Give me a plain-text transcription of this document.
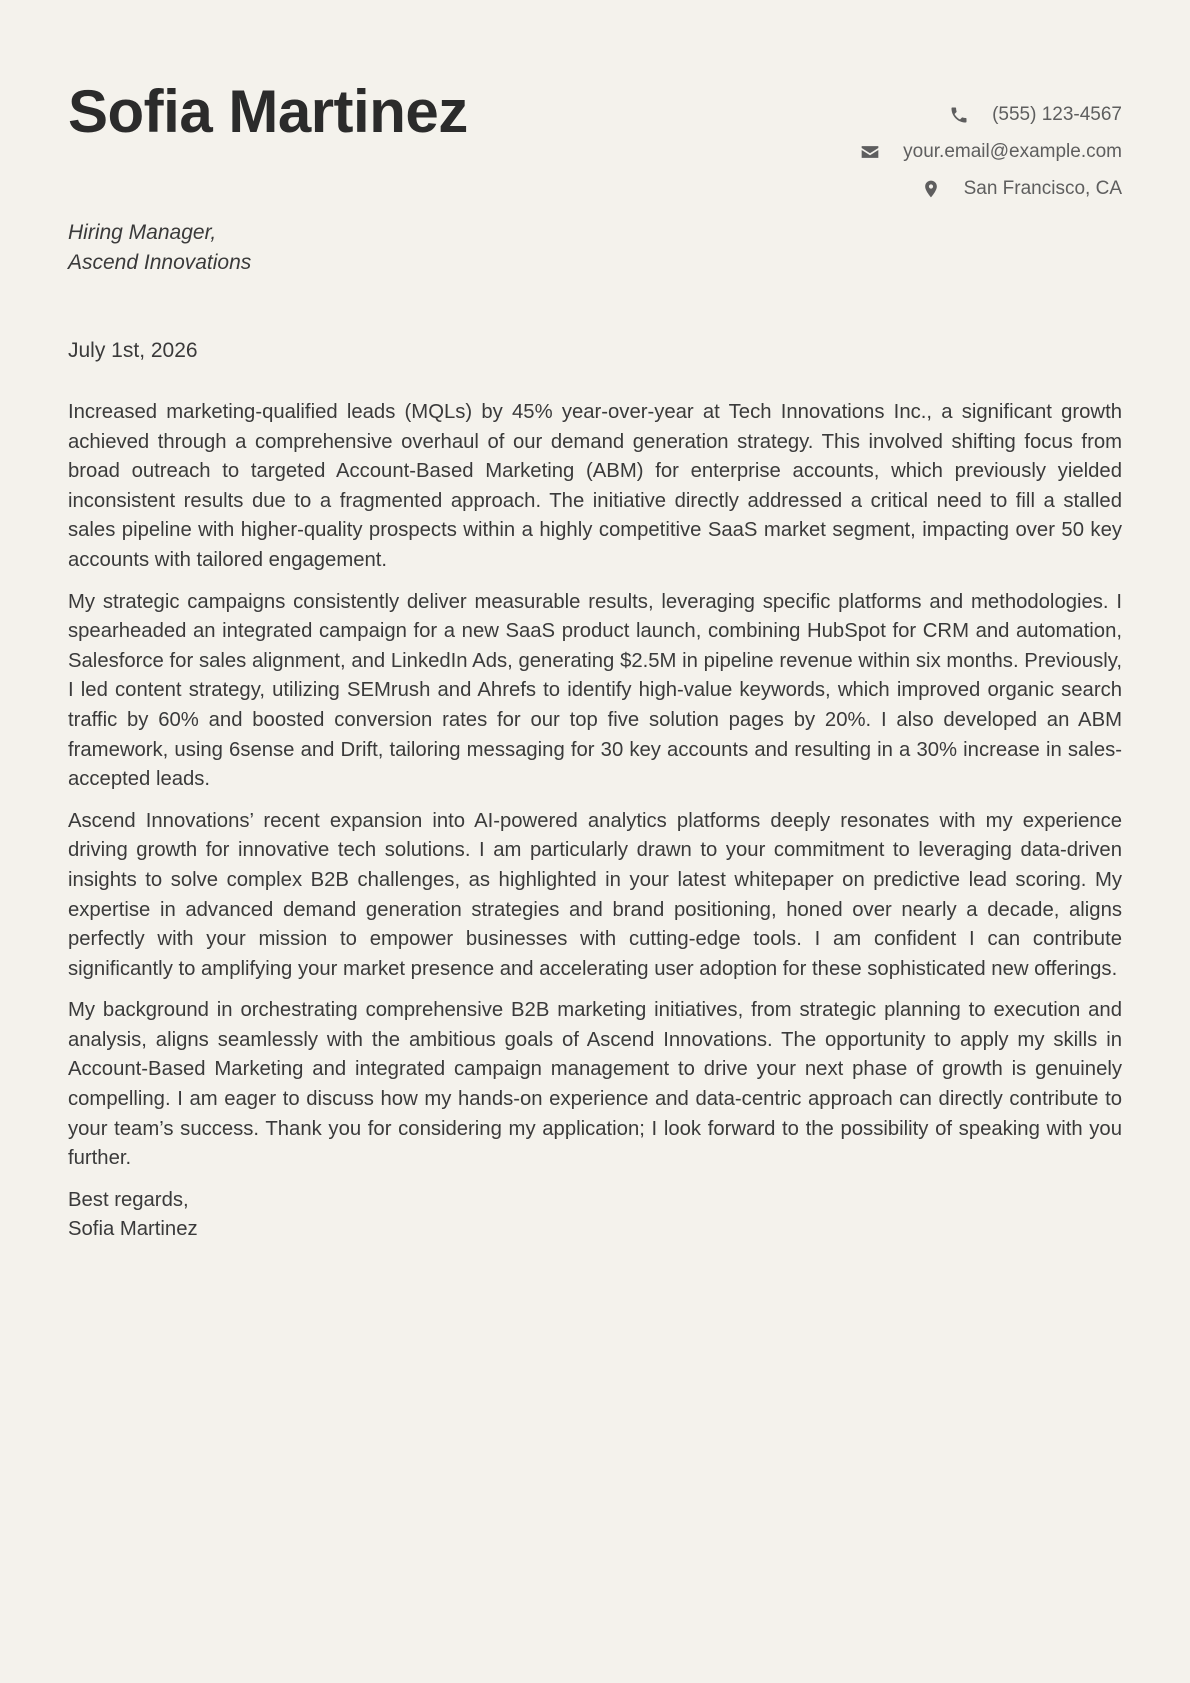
Sofia Martinez	(555) 123-4567
your.email@example.com
San Francisco, CA
Hiring Manager,
Ascend Innovations
July 1st, 2026

Increased marketing-qualified leads (MQLs) by 45% year-over-year at Tech Innovations Inc., a significant growth achieved through a comprehensive overhaul of our demand generation strategy. This involved shifting focus from broad outreach to targeted Account-Based Marketing (ABM) for enterprise accounts, which previously yielded inconsistent results due to a fragmented approach. The initiative directly addressed a critical need to fill a stalled sales pipeline with higher-quality prospects within a highly competitive SaaS market segment, impacting over 50 key accounts with tailored engagement.

My strategic campaigns consistently deliver measurable results, leveraging specific platforms and methodologies. I spearheaded an integrated campaign for a new SaaS product launch, combining HubSpot for CRM and automation, Salesforce for sales alignment, and LinkedIn Ads, generating $2.5M in pipeline revenue within six months. Previously, I led content strategy, utilizing SEMrush and Ahrefs to identify high-value keywords, which improved organic search traffic by 60% and boosted conversion rates for our top five solution pages by 20%. I also developed an ABM framework, using 6sense and Drift, tailoring messaging for 30 key accounts and resulting in a 30% increase in sales-accepted leads.

Ascend Innovations’ recent expansion into AI-powered analytics platforms deeply resonates with my experience driving growth for innovative tech solutions. I am particularly drawn to your commitment to leveraging data-driven insights to solve complex B2B challenges, as highlighted in your latest whitepaper on predictive lead scoring. My expertise in advanced demand generation strategies and brand positioning, honed over nearly a decade, aligns perfectly with your mission to empower businesses with cutting-edge tools. I am confident I can contribute significantly to amplifying your market presence and accelerating user adoption for these sophisticated new offerings.

My background in orchestrating comprehensive B2B marketing initiatives, from strategic planning to execution and analysis, aligns seamlessly with the ambitious goals of Ascend Innovations. The opportunity to apply my skills in Account-Based Marketing and integrated campaign management to drive your next phase of growth is genuinely compelling. I am eager to discuss how my hands-on experience and data-centric approach can directly contribute to your team’s success. Thank you for considering my application; I look forward to the possibility of speaking with you further.

Best regards,
Sofia Martinez
